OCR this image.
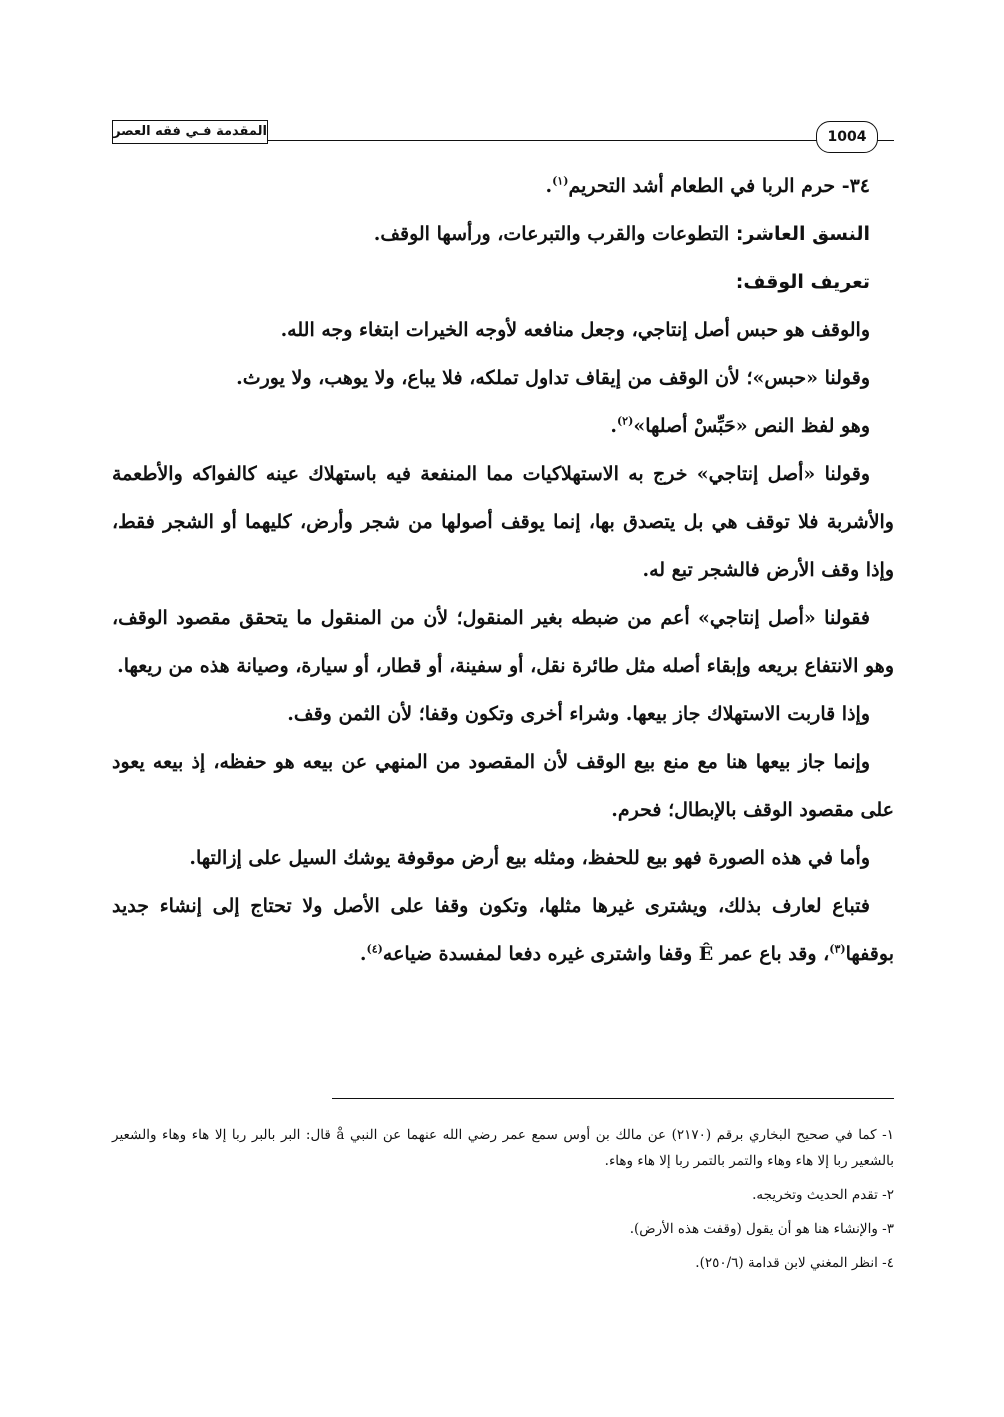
المقدمة فـي فقه العصر	1004

٣٤- حرم الربا في الطعام أشد التحريم$^{(١)}$.

النسق العاشر: التطوعات والقرب والتبرعات، ورأسها الوقف.

تعريف الوقف:

والوقف هو حبس أصل إنتاجي، وجعل منافعه لأوجه الخيرات ابتغاء وجه الله.

وقولنا «حبس»؛ لأن الوقف من إيقاف تداول تملكه، فلا يباع، ولا يوهب، ولا يورث.

وهو لفظ النص «حَبِّسْ أصلها»$^{(٢)}$.

وقولنا «أصل إنتاجي» خرج به الاستهلاكيات مما المنفعة فيه باستهلاك عينه كالفواكه والأطعمة والأشربة فلا توقف هي بل يتصدق بها، إنما يوقف أصولها من شجر وأرض، كليهما أو الشجر فقط، وإذا وقف الأرض فالشجر تبع له.

فقولنا «أصل إنتاجي» أعم من ضبطه بغير المنقول؛ لأن من المنقول ما يتحقق مقصود الوقف، وهو الانتفاع بريعه وإبقاء أصله مثل طائرة نقل، أو سفينة، أو قطار، أو سيارة، وصيانة هذه من ريعها.

وإذا قاربت الاستهلاك جاز بيعها. وشراء أخرى وتكون وقفا؛ لأن الثمن وقف.

وإنما جاز بيعها هنا مع منع بيع الوقف لأن المقصود من المنهي عن بيعه هو حفظه، إذ بيعه يعود على مقصود الوقف بالإبطال؛ فحرم.

وأما في هذه الصورة فهو بيع للحفظ، ومثله بيع أرض موقوفة يوشك السيل على إزالتها.

فتباع لعارف بذلك، ويشترى غيرها مثلها، وتكون وقفا على الأصل ولا تحتاج إلى إنشاء جديد بوقفها$^{(٣)}$، وقد باع عمر Ê وقفا واشترى غيره دفعا لمفسدة ضياعه$^{(٤)}$.

١- كما في صحيح البخاري برقم (٢١٧٠) عن مالك بن أوس سمع عمر رضي الله عنهما عن النبي å قال: البر بالبر ربا إلا هاء وهاء والشعير بالشعير ربا إلا هاء وهاء والتمر بالتمر ربا إلا هاء وهاء.

٢- تقدم الحديث وتخريجه.

٣- والإنشاء هنا هو أن يقول (وقفت هذه الأرض).

٤- انظر المغني لابن قدامة (٢٥٠/٦).
